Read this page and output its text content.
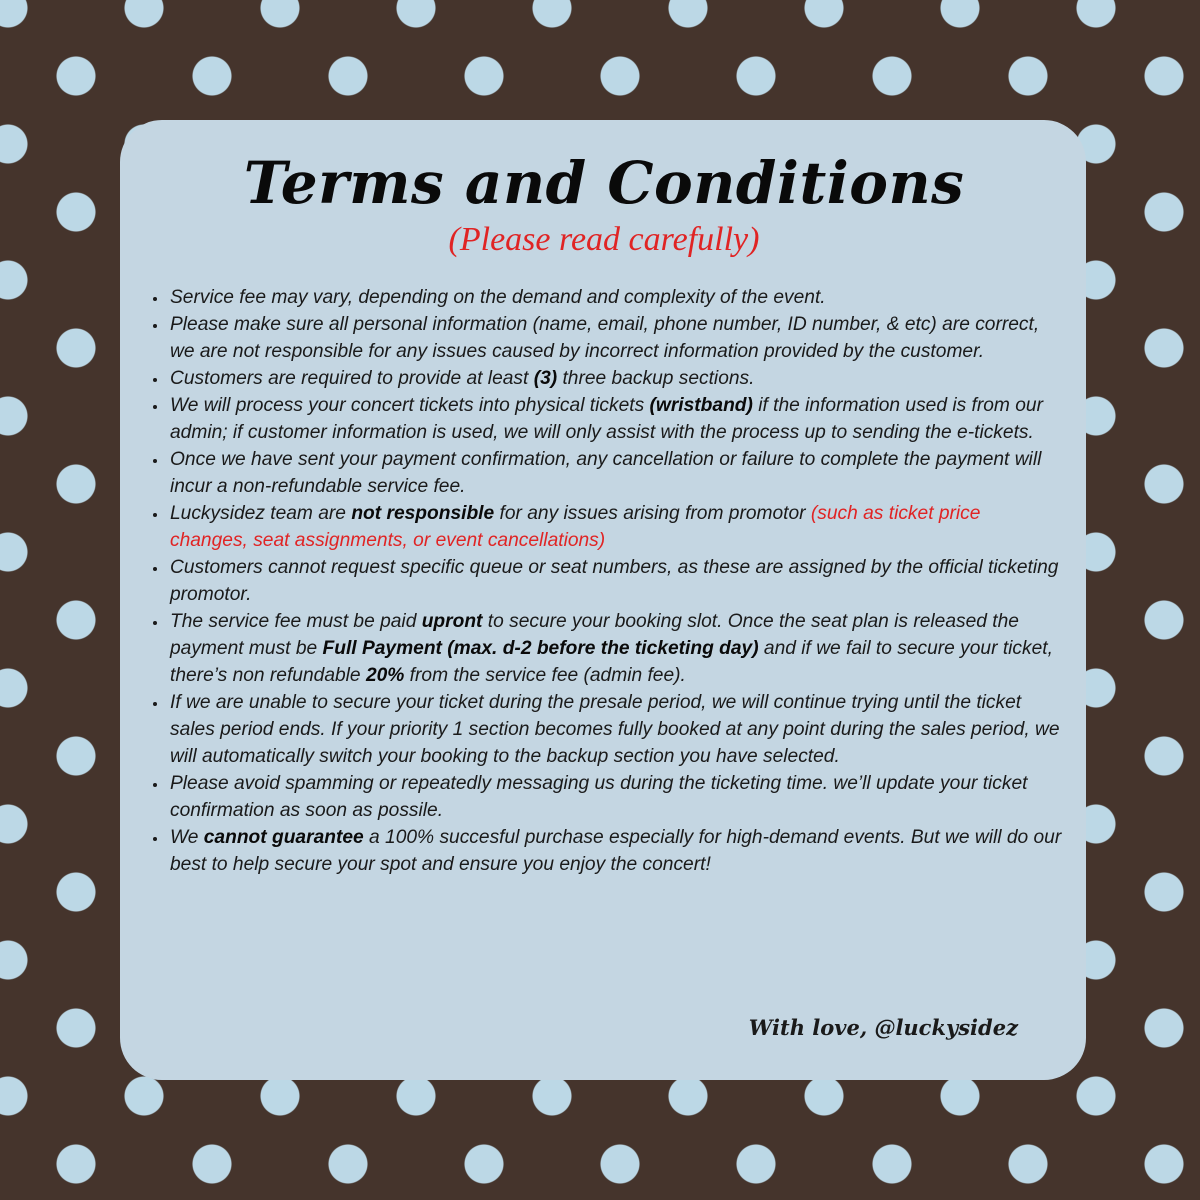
Terms and Conditions
(Please read carefully)
• Service fee may vary, depending on the demand and complexity of the event.
• Please make sure all personal information (name, email, phone number, ID number, & etc) are correct, we are not responsible for any issues caused by incorrect information provided by the customer.
• Customers are required to provide at least (3) three backup sections.
• We will process your concert tickets into physical tickets (wristband) if the information used is from our admin; if customer information is used, we will only assist with the process up to sending the e-tickets.
• Once we have sent your payment confirmation, any cancellation or failure to complete the payment will incur a non-refundable service fee.
• Luckysidez team are not responsible for any issues arising from promotor (such as ticket price changes, seat assignments, or event cancellations)
• Customers cannot request specific queue or seat numbers, as these are assigned by the official ticketing promotor.
• The service fee must be paid upront to secure your booking slot. Once the seat plan is released the payment must be Full Payment (max. d-2 before the ticketing day) and if we fail to secure your ticket, there’s non refundable 20% from the service fee (admin fee).
• If we are unable to secure your ticket during the presale period, we will continue trying until the ticket sales period ends. If your priority 1 section becomes fully booked at any point during the sales period, we will automatically switch your booking to the backup section you have selected.
• Please avoid spamming or repeatedly messaging us during the ticketing time. we’ll update your ticket confirmation as soon as possile.
• We cannot guarantee a 100% succesful purchase especially for high-demand events. But we will do our best to help secure your spot and ensure you enjoy the concert!
With love, @luckysidez
